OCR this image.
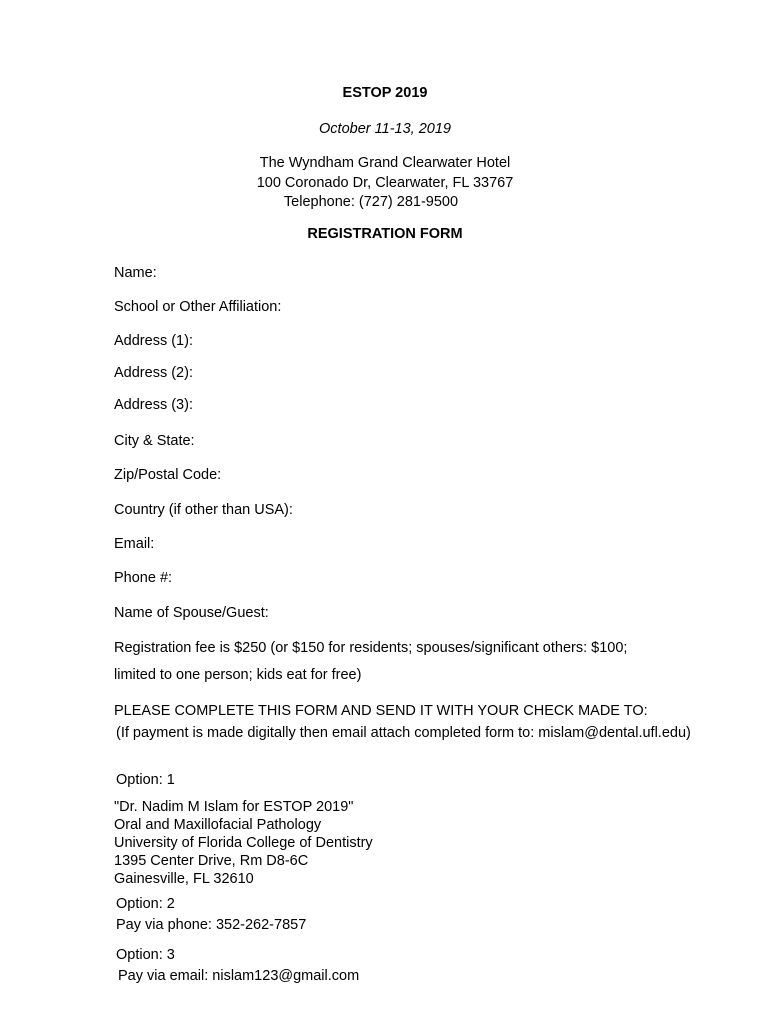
ESTOP 2019
October 11-13, 2019
The Wyndham Grand Clearwater Hotel
100 Coronado Dr, Clearwater, FL 33767
Telephone: (727) 281-9500
REGISTRATION FORM
Name:
School or Other Affiliation:
Address (1):
Address (2):
Address (3):
City & State:
Zip/Postal Code:
Country (if other than USA):
Email:
Phone #:
Name of Spouse/Guest:
Registration fee is $250 (or $150 for residents; spouses/significant others: $100;
limited to one person; kids eat for free)
PLEASE COMPLETE THIS FORM AND SEND IT WITH YOUR CHECK MADE TO:
(If payment is made digitally then email attach completed form to: mislam@dental.ufl.edu)
Option: 1
"Dr. Nadim M Islam for ESTOP 2019"
Oral and Maxillofacial Pathology
University of Florida College of Dentistry
1395 Center Drive, Rm D8-6C
Gainesville, FL 32610
Option: 2
Pay via phone: 352-262-7857
Option: 3
Pay via email: nislam123@gmail.com
